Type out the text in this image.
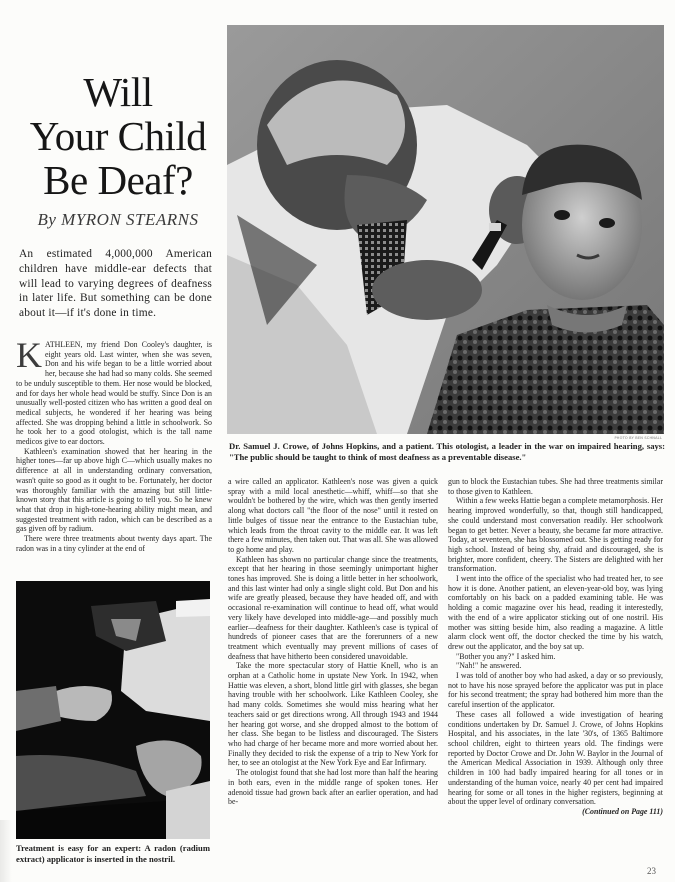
Will
Your Child
Be Deaf?
By MYRON STEARNS
An estimated 4,000,000 American children have middle-ear defects that will lead to varying degrees of deafness in later life. But something can be done about it—if it's done in time.
PHOTO BY BEN SCHNALL
Dr. Samuel J. Crowe, of Johns Hopkins, and a patient. This otologist, a leader in the war on impaired hearing, says: "The public should be taught to think of most deafness as a preventable disease."
Treatment is easy for an expert: A radon (radium extract) applicator is inserted in the nostril.

KATHLEEN, my friend Don Cooley's daughter, is eight years old. Last winter, when she was seven, Don and his wife began to be a little worried about her, because she had had so many colds. She seemed to be unduly susceptible to them. Her nose would be blocked, and for days her whole head would be stuffy. Since Don is an unusually well-posted citizen who has written a good deal on medical subjects, he wondered if her hearing was being affected. She was dropping behind a little in schoolwork. So he took her to a good otologist, which is the tall name medicos give to ear doctors.

Kathleen's examination showed that her hearing in the higher tones—far up above high C—which usually makes no difference at all in understanding ordinary conversation, wasn't quite so good as it ought to be. Fortunately, her doctor was thoroughly familiar with the amazing but still little-known story that this article is going to tell you. So he knew what that drop in high-tone-hearing ability might mean, and suggested treatment with radon, which can be described as a gas given off by radium.

There were three treatments about twenty days apart. The radon was in a tiny cylinder at the end of

a wire called an applicator. Kathleen's nose was given a quick spray with a mild local anesthetic—whiff, whiff—so that she wouldn't be bothered by the wire, which was then gently inserted along what doctors call "the floor of the nose" until it rested on little bulges of tissue near the entrance to the Eustachian tube, which leads from the throat cavity to the middle ear. It was left there a few minutes, then taken out. That was all. She was allowed to go home and play.

Kathleen has shown no particular change since the treatments, except that her hearing in those seemingly unimportant higher tones has improved. She is doing a little better in her schoolwork, and this last winter had only a single slight cold. But Don and his wife are greatly pleased, because they have headed off, and with occasional re-examination will continue to head off, what would very likely have developed into middle-age—and possibly much earlier—deafness for their daughter. Kathleen's case is typical of hundreds of pioneer cases that are the forerunners of a new treatment which eventually may prevent millions of cases of deafness that have hitherto been considered unavoidable.

Take the more spectacular story of Hattie Knell, who is an orphan at a Catholic home in upstate New York. In 1942, when Hattie was eleven, a short, blond little girl with glasses, she began having trouble with her schoolwork. Like Kathleen Cooley, she had many colds. Sometimes she would miss hearing what her teachers said or get directions wrong. All through 1943 and 1944 her hearing got worse, and she dropped almost to the bottom of her class. She began to be listless and discouraged. The Sisters who had charge of her became more and more worried about her. Finally they decided to risk the expense of a trip to New York for her, to see an otologist at the New York Eye and Ear Infirmary.

The otologist found that she had lost more than half the hearing in both ears, even in the middle range of spoken tones. Her adenoid tissue had grown back after an earlier operation, and had be-

gun to block the Eustachian tubes. She had three treatments similar to those given to Kathleen.

Within a few weeks Hattie began a complete metamorphosis. Her hearing improved wonderfully, so that, though still handicapped, she could understand most conversation readily. Her schoolwork began to get better. Never a beauty, she became far more attractive. Today, at seventeen, she has blossomed out. She is getting ready for high school. Instead of being shy, afraid and discouraged, she is brighter, more confident, cheery. The Sisters are delighted with her transformation.

I went into the office of the specialist who had treated her, to see how it is done. Another patient, an eleven-year-old boy, was lying comfortably on his back on a padded examining table. He was holding a comic magazine over his head, reading it interestedly, with the end of a wire applicator sticking out of one nostril. His mother was sitting beside him, also reading a magazine. A little alarm clock went off, the doctor checked the time by his watch, drew out the applicator, and the boy sat up.

"Bother you any?" I asked him.

"Nah!" he answered.

I was told of another boy who had asked, a day or so previously, not to have his nose sprayed before the applicator was put in place for his second treatment; the spray had bothered him more than the careful insertion of the applicator.

These cases all followed a wide investigation of hearing conditions undertaken by Dr. Samuel J. Crowe, of Johns Hopkins Hospital, and his associates, in the late '30's, of 1365 Baltimore school children, eight to thirteen years old. The findings were reported by Doctor Crowe and Dr. John W. Baylor in the Journal of the American Medical Association in 1939. Although only three children in 100 had badly impaired hearing for all tones or in understanding of the human voice, nearly 40 per cent had impaired hearing for some or all tones in the higher registers, beginning at about the upper level of ordinary conversation.
(Continued on Page 111)

23
